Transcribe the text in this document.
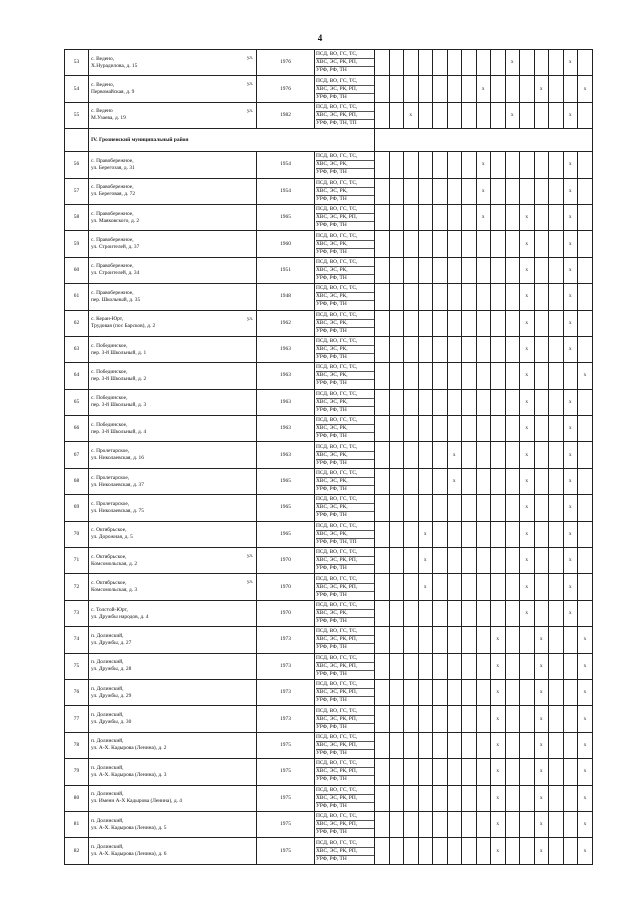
4
53	с. Ведено,
Х.Нурадилова, д. 15
ул.	1976	ПСД, ВО, ГС, ТС,
ХВС, ЭС, РК, РП,
УРФ, РФ, ТН										x				x	
54	с. Ведено,
Первомайская, д. 9
ул.	1976	ПСД, ВО, ГС, ТС,
ХВС, ЭС, РК, РП,
УРФ, РФ, ТН								x				x			x
55	с. Ведено
М.Узаева, д. 19
ул.	1982	ПСД, ВО, ГС, ТС,
ХВС, ЭС, РК, РП,
УРФ, РФ, ТН, ТП			x							x				x	
	IV. Грозненский муниципальный район																	
56	с. Правобережное,
ул. Берегозая, д. 31	1954	ПСД, ВО, ГС, ТС,
ХВС, ЭС, РК,
УРФ, РФ, ТН								x						x	
57	с. Правобережное,
ул. Береговая, д. 72	1954	ПСД, ВО, ГС, ТС,
ХВС, ЭС, РК,
УРФ, РФ, ТН								x						x	
58	с. Правобережное,
ул. Маяковского, д. 2	1965	ПСД, ВО, ГС, ТС,
ХВС, ЭС, РК, РП,
УРФ, РФ, ТН								x			x			x	
59	с. Правобережное,
ул. Строителей, д. 37	1960	ПСД, ВО, ГС, ТС,
ХВС, ЭС, РК,
УРФ, РФ, ТН											x			x	
60	с. Правобережное,
ул. Строителей, д. 34	1951	ПСД, ВО, ГС, ТС,
ХВС, ЭС, РК,
УРФ, РФ, ТН											x			x	
61	с. Правобережное,
пер. Школьный, д. 35	1948	ПСД, ВО, ГС, ТС,
ХВС, ЭС, РК,
УРФ, РФ, ТН											x			x	
62	с. Керан-Юрт,
Трудовая (пос Барсков), д. 2
ул.	1962	ПСД, ВО, ГС, ТС,
ХВС, ЭС, РК,
УРФ, РФ, ТН											x			x	
63	с. Побединское,
пер. 3-й Школьный, д. 1	1963	ПСД, ВО, ГС, ТС,
ХВС, ЭС, РК,
УРФ, РФ, ТН											x			x	
64	с. Побединское,
пер. 3-й Школьный, д. 2	1963	ПСД, ВО, ГС, ТС,
ХВС, ЭС, РК,
УРФ, РФ, ТН											x				x
65	с. Побединское,
пер. 3-й Школьный, д. 3	1963	ПСД, ВО, ГС, ТС,
ХВС, ЭС, РК,
УРФ, РФ, ТН											x			x	
66	с. Побединское,
пер. 3-й Школьный, д. 4	1963	ПСД, ВО, ГС, ТС,
ХВС, ЭС, РК,
УРФ, РФ, ТН											x			x	
67	с. Пролетарское,
ул. Николаевская, д. 16	1963	ПСД, ВО, ГС, ТС,
ХВС, ЭС, РК,
УРФ, РФ, ТН						x					x			x	
68	с. Пролетарское,
ул. Николаевская, д. 37	1965	ПСД, ВО, ГС, ТС,
ХВС, ЭС, РК,
УРФ, РФ, ТН						x					x			x	
69	с. Пролетарское,
ул. Николаевская, д. 75	1965	ПСД, ВО, ГС, ТС,
ХВС, ЭС, РК,
УРФ, РФ, ТН											x			x	
70	с. Октябрьское,
ул. Дорожная, д. 5	1965	ПСД, ВО, ГС, ТС,
ХВС, ЭС, РК,
УРФ, РФ, ТН, ТП				x							x			x	
71	с. Октябрьское,
Комсомольская, д. 2
ул.	1970	ПСД, ВО, ГС, ТС,
ХВС, ЭС, РК, РП,
УРФ, РФ, ТН				x							x			x	
72	с. Октябрьское,
Комсомольская, д. 3
ул.	1970	ПСД, ВО, ГС, ТС,
ХВС, ЭС, РК, РП,
УРФ, РФ, ТН				x							x			x	
73	с. Толстой-Юрт,
ул. Дружбы народов, д. 4	1970	ПСД, ВО, ГС, ТС,
ХВС, ЭС, РК,
УРФ, РФ, ТН											x			x	
74	п. Долинский,
ул. Дружбы, д. 27	1973	ПСД, ВО, ГС, ТС,
ХВС, ЭС, РК, РП,
УРФ, РФ, ТН									x			x			x
75	п. Долинский,
ул. Дружбы, д. 28	1973	ПСД, ВО, ГС, ТС,
ХВС, ЭС, РК, РП,
УРФ, РФ, ТН									x			x			x
76	п. Долинский,
ул. Дружбы, д. 29	1973	ПСД, ВО, ГС, ТС,
ХВС, ЭС, РК, РП,
УРФ, РФ, ТН									x			x			x
77	п. Долинский,
ул. Дружбы, д. 30	1973	ПСД, ВО, ГС, ТС,
ХВС, ЭС, РК, РП,
УРФ, РФ, ТН									x			x			x
78	п. Долинский,
ул. А-Х. Кадырова (Ленина), д. 2	1975	ПСД, ВО, ГС, ТС,
ХВС, ЭС, РК, РП,
УРФ, РФ, ТН									x			x			x
79	п. Долинский,
ул. А-Х. Кадырова (Ленина), д. 3	1975	ПСД, ВО, ГС, ТС,
ХВС, ЭС, РК, РП,
УРФ, РФ, ТН									x			x			x
80	п. Долинский,
ул. Имени А-Х Кадырова (Ленина), д. 4	1975	ПСД, ВО, ГС, ТС,
ХВС, ЭС, РК, РП,
УРФ, РФ, ТН									x			x			x
81	п. Долинский,
ул. А-Х. Кадырова (Ленина), д. 5	1975	ПСД, ВО, ГС, ТС,
ХВС, ЭС, РК, РП,
УРФ, РФ, ТН									x			x			x
82	п. Долинский,
ул. А-Х. Кадырова (Ленина), д. 6	1975	ПСД, ВО, ГС, ТС,
ХВС, ЭС, РК, РП,
УРФ, РФ, ТН									x			x			x
